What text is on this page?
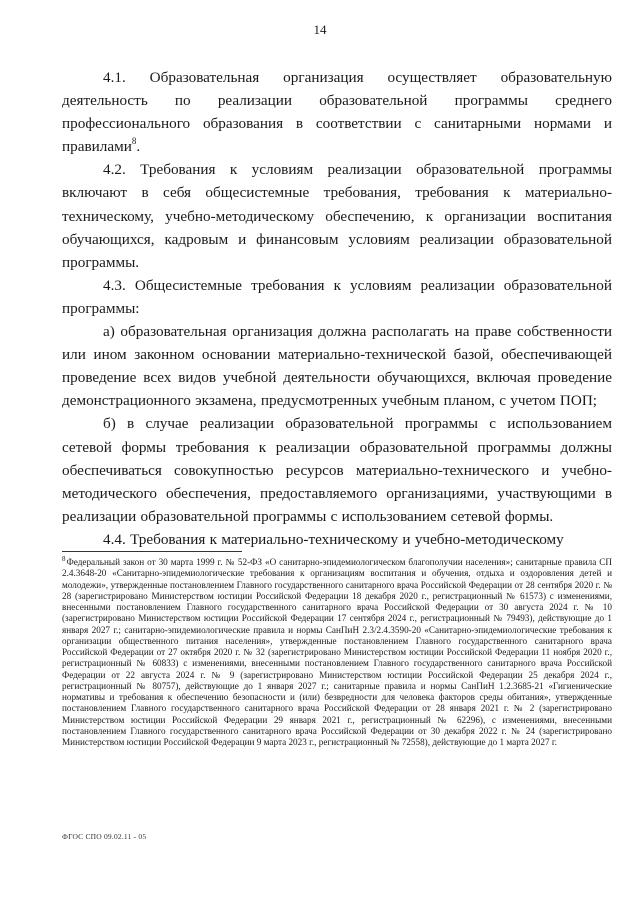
14

4.1. Образовательная организация осуществляет образовательную деятельность по реализации образовательной программы среднего профессионального образования в соответствии с санитарными нормами и правилами$^8$.

4.2. Требования к условиям реализации образовательной программы включают в себя общесистемные требования, требования к материально-техническому, учебно-методическому обеспечению, к организации воспитания обучающихся, кадровым и финансовым условиям реализации образовательной программы.

4.3. Общесистемные требования к условиям реализации образовательной программы:

а) образовательная организация должна располагать на праве собственности или ином законном основании материально-технической базой, обеспечивающей проведение всех видов учебной деятельности обучающихся, включая проведение демонстрационного экзамена, предусмотренных учебным планом, с учетом ПОП;

б) в случае реализации образовательной программы с использованием сетевой формы требования к реализации образовательной программы должны обеспечиваться совокупностью ресурсов материально-технического и учебно-методического обеспечения, предоставляемого организациями, участвующими в реализации образовательной программы с использованием сетевой формы.

4.4. Требования к материально-техническому и учебно-методическому

$^8$Федеральный закон от 30 марта 1999 г. № 52-ФЗ «О санитарно-эпидемиологическом благополучии населения»; санитарные правила СП 2.4.3648-20 «Санитарно-эпидемиологические требования к организациям воспитания и обучения, отдыха и оздоровления детей и молодежи», утвержденные постановлением Главного государственного санитарного врача Российской Федерации от 28 сентября 2020 г. № 28 (зарегистрировано Министерством юстиции Российской Федерации 18 декабря 2020 г., регистрационный № 61573) с изменениями, внесенными постановлением Главного государственного санитарного врача Российской Федерации от 30 августа 2024 г. № 10 (зарегистрировано Министерством юстиции Российской Федерации 17 сентября 2024 г., регистрационный № 79493), действующие до 1 января 2027 г.; санитарно-эпидемиологические правила и нормы СанПиН 2.3/2.4.3590-20 «Санитарно-эпидемиологические требования к организации общественного питания населения», утвержденные постановлением Главного государственного санитарного врача Российской Федерации от 27 октября 2020 г. № 32 (зарегистрировано Министерством юстиции Российской Федерации 11 ноября 2020 г., регистрационный № 60833) с изменениями, внесенными постановлением Главного государственного санитарного врача Российской Федерации от 22 августа 2024 г. № 9 (зарегистрировано Министерством юстиции Российской Федерации 25 декабря 2024 г., регистрационный № 80757), действующие до 1 января 2027 г.; санитарные правила и нормы СанПиН 1.2.3685-21 «Гигиенические нормативы и требования к обеспечению безопасности и (или) безвредности для человека факторов среды обитания», утвержденные постановлением Главного государственного санитарного врача Российской Федерации от 28 января 2021 г. № 2 (зарегистрировано Министерством юстиции Российской Федерации 29 января 2021 г., регистрационный № 62296), с изменениями, внесенными постановлением Главного государственного санитарного врача Российской Федерации от 30 декабря 2022 г. № 24 (зарегистрировано Министерством юстиции Российской Федерации 9 марта 2023 г., регистрационный № 72558), действующие до 1 марта 2027 г.
ФГОС СПО 09.02.11 - 05
